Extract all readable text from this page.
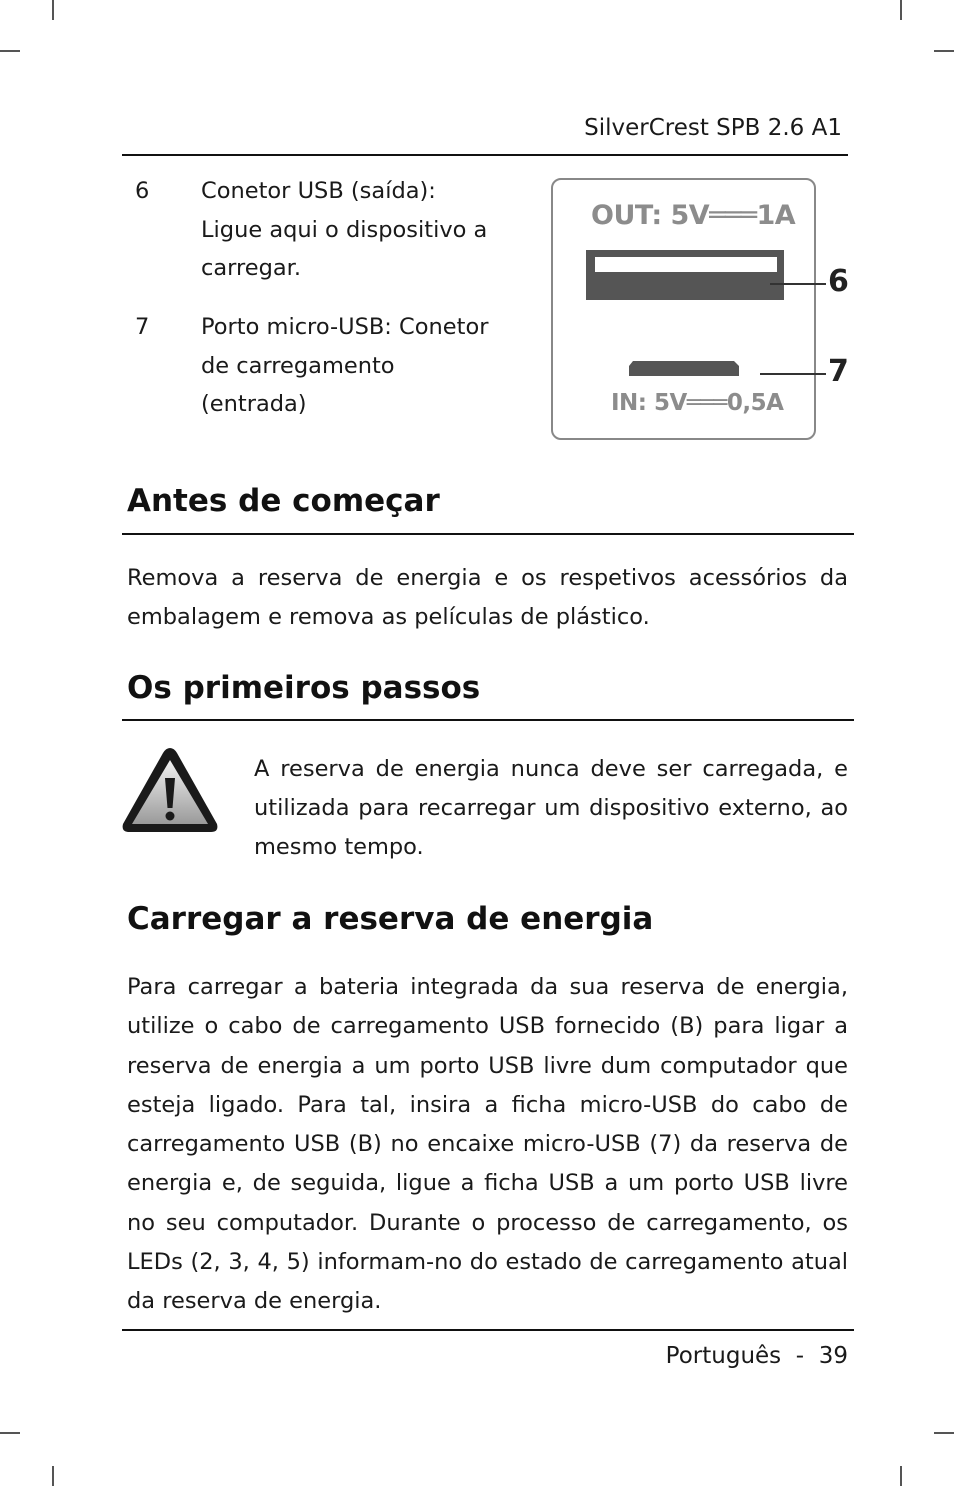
SilverCrest SPB 2.6 A1
6	Conetor USB (saída):
Ligue aqui o dispositivo a
carregar.
7	Porto micro-USB: Conetor
de carregamento
(entrada)
OUT: 5V═══1A
IN: 5V═══0,5A
6
7
Antes de começar

Remova a reserva de energia e os respetivos acessórios da embalagem e remova as películas de plástico.

Os primeiros passos

A reserva de energia nunca deve ser carregada, e utilizada para recarregar um dispositivo externo, ao mesmo tempo.

Carregar a reserva de energia

Para carregar a bateria integrada da sua reserva de energia, utilize o cabo de carregamento USB fornecido (B) para ligar a reserva de energia a um porto USB livre dum computador que esteja ligado. Para tal, insira a ficha micro-USB do cabo de carregamento USB (B) no encaixe micro-USB (7) da reserva de energia e, de seguida, ligue a ficha USB a um porto USB livre no seu computador. Durante o processo de carregamento, os LEDs (2, 3, 4, 5) informam-no do estado de carregamento atual da reserva de energia.

Português - 39
